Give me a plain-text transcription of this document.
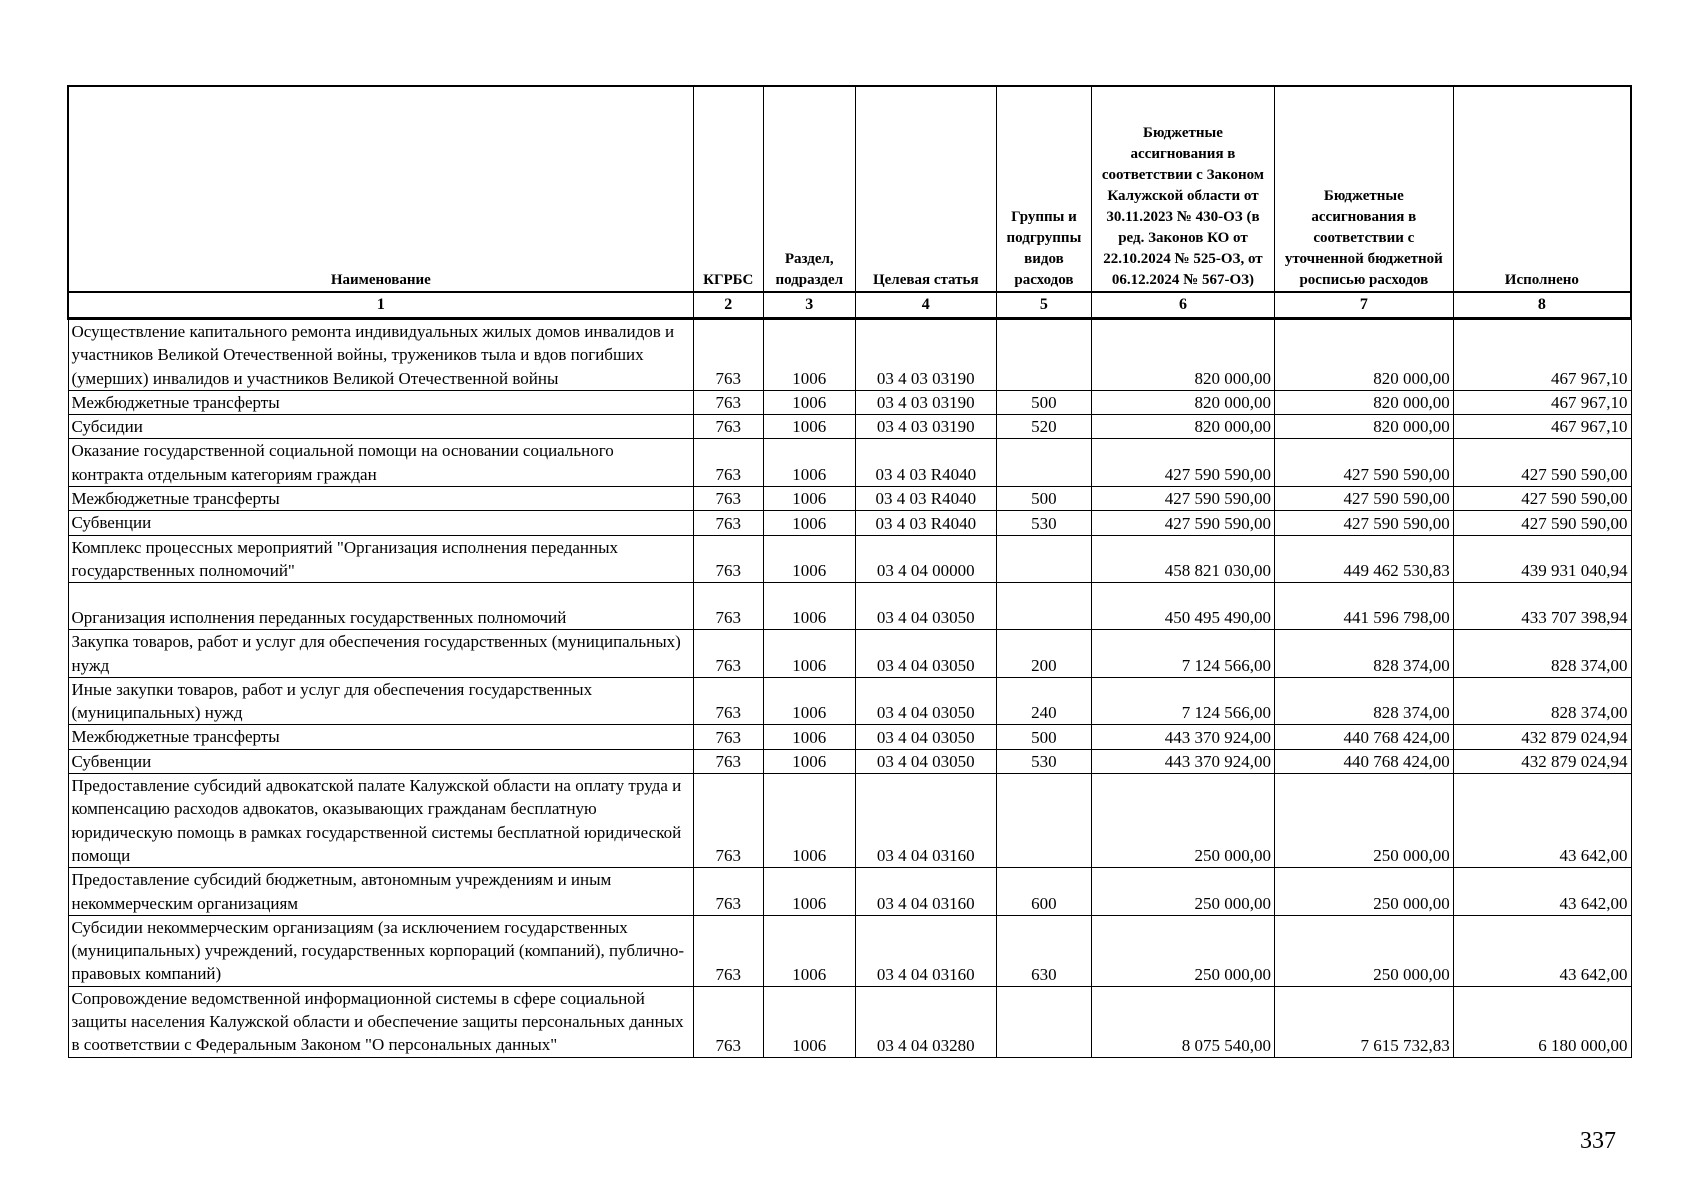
Наименование	КГРБС	Раздел, подраздел	Целевая статья	Группы и подгруппы видов расходов	Бюджетные ассигнования в соответствии с Законом Калужской области от 30.11.2023 № 430-ОЗ (в ред. Законов КО от 22.10.2024 № 525-ОЗ, от 06.12.2024 № 567-ОЗ)	Бюджетные ассигнования в соответствии с уточненной бюджетной росписью расходов	Исполнено
1	2	3	4	5	6	7	8
Осуществление капитального ремонта индивидуальных жилых домов инвалидов и участников Великой Отечественной войны, тружеников тыла и вдов погибших (умерших) инвалидов и участников Великой Отечественной войны	763	1006	03 4 03 03190		820 000,00	820 000,00	467 967,10
Межбюджетные трансферты	763	1006	03 4 03 03190	500	820 000,00	820 000,00	467 967,10
Субсидии	763	1006	03 4 03 03190	520	820 000,00	820 000,00	467 967,10
Оказание государственной социальной помощи на основании социального контракта отдельным категориям граждан	763	1006	03 4 03 R4040		427 590 590,00	427 590 590,00	427 590 590,00
Межбюджетные трансферты	763	1006	03 4 03 R4040	500	427 590 590,00	427 590 590,00	427 590 590,00
Субвенции	763	1006	03 4 03 R4040	530	427 590 590,00	427 590 590,00	427 590 590,00
Комплекс процессных мероприятий "Организация исполнения переданных государственных полномочий"	763	1006	03 4 04 00000		458 821 030,00	449 462 530,83	439 931 040,94
Организация исполнения переданных государственных полномочий	763	1006	03 4 04 03050		450 495 490,00	441 596 798,00	433 707 398,94
Закупка товаров, работ и услуг для обеспечения государственных (муниципальных) нужд	763	1006	03 4 04 03050	200	7 124 566,00	828 374,00	828 374,00
Иные закупки товаров, работ и услуг для обеспечения государственных (муниципальных) нужд	763	1006	03 4 04 03050	240	7 124 566,00	828 374,00	828 374,00
Межбюджетные трансферты	763	1006	03 4 04 03050	500	443 370 924,00	440 768 424,00	432 879 024,94
Субвенции	763	1006	03 4 04 03050	530	443 370 924,00	440 768 424,00	432 879 024,94
Предоставление субсидий адвокатской палате Калужской области на оплату труда и компенсацию расходов адвокатов, оказывающих гражданам бесплатную юридическую помощь в рамках государственной системы бесплатной юридической помощи	763	1006	03 4 04 03160		250 000,00	250 000,00	43 642,00
Предоставление субсидий бюджетным, автономным учреждениям и иным некоммерческим организациям	763	1006	03 4 04 03160	600	250 000,00	250 000,00	43 642,00
Субсидии некоммерческим организациям (за исключением государственных (муниципальных) учреждений, государственных корпораций (компаний), публично-правовых компаний)	763	1006	03 4 04 03160	630	250 000,00	250 000,00	43 642,00
Сопровождение ведомственной информационной системы в сфере социальной защиты населения Калужской области и обеспечение защиты персональных данных в соответствии с Федеральным Законом "О персональных данных"	763	1006	03 4 04 03280		8 075 540,00	7 615 732,83	6 180 000,00
337
